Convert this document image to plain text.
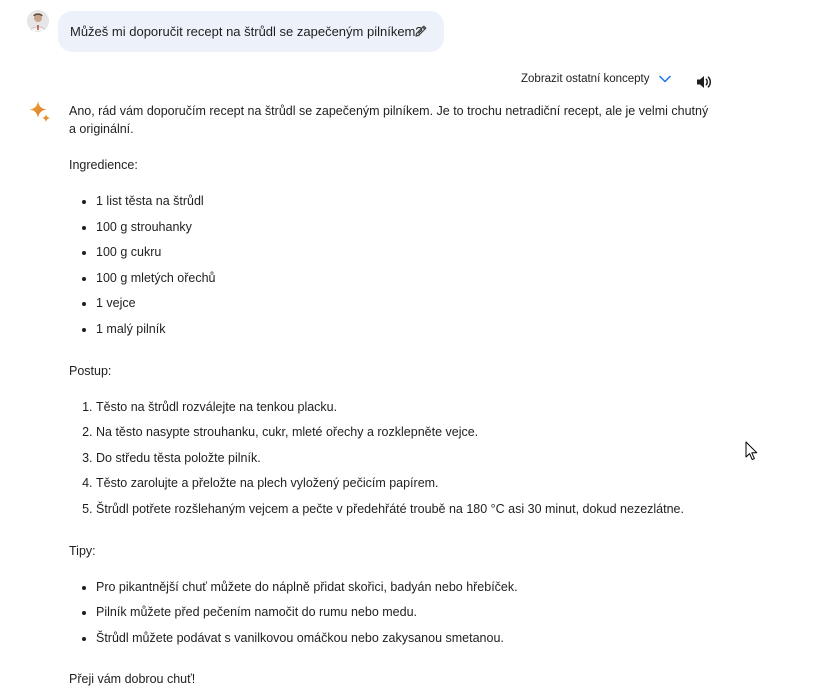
Můžeš mi doporučit recept na štrůdl se zapečeným pilníkem?
Zobrazit ostatní koncepty

Ano, rád vám doporučím recept na štrůdl se zapečeným pilníkem. Je to trochu netradiční recept, ale je velmi chutný a originální.

Ingredience:

• 1 list těsta na štrůdl
• 100 g strouhanky
• 100 g cukru
• 100 g mletých ořechů
• 1 vejce
• 1 malý pilník

Postup:

1. Těsto na štrůdl rozválejte na tenkou placku.
2. Na těsto nasypte strouhanku, cukr, mleté ořechy a rozklepněte vejce.
3. Do středu těsta položte pilník.
4. Těsto zarolujte a přeložte na plech vyložený pečicím papírem.
5. Štrůdl potřete rozšlehaným vejcem a pečte v předehřáté troubě na 180 °C asi 30 minut, dokud nezezlátne.

Tipy:

• Pro pikantnější chuť můžete do náplně přidat skořici, badyán nebo hřebíček.
• Pilník můžete před pečením namočit do rumu nebo medu.
• Štrůdl můžete podávat s vanilkovou omáčkou nebo zakysanou smetanou.

Přeji vám dobrou chuť!
